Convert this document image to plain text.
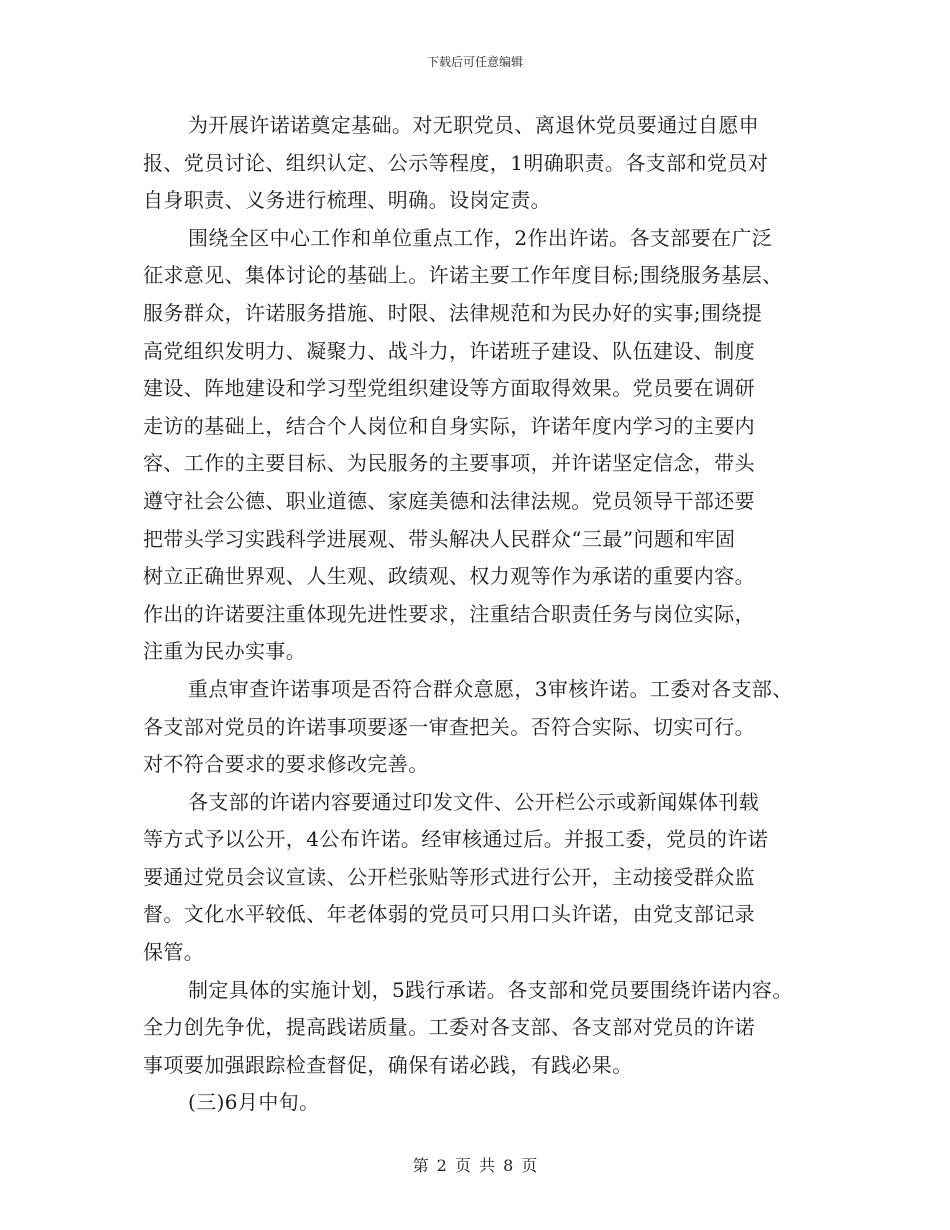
下载后可任意编辑
为开展许诺诺奠定基础。对无职党员、离退休党员要通过自愿申
报、党员讨论、组织认定、公示等程度，1明确职责。各支部和党员对
自身职责、义务进行梳理、明确。设岗定责。
围绕全区中心工作和单位重点工作，2作出许诺。各支部要在广泛
征求意见、集体讨论的基础上。许诺主要工作年度目标;围绕服务基层、
服务群众，许诺服务措施、时限、法律规范和为民办好的实事;围绕提
高党组织发明力、凝聚力、战斗力，许诺班子建设、队伍建设、制度
建设、阵地建设和学习型党组织建设等方面取得效果。党员要在调研
走访的基础上，结合个人岗位和自身实际，许诺年度内学习的主要内
容、工作的主要目标、为民服务的主要事项，并许诺坚定信念，带头
遵守社会公德、职业道德、家庭美德和法律法规。党员领导干部还要
把带头学习实践科学进展观、带头解决人民群众“三最”问题和牢固
树立正确世界观、人生观、政绩观、权力观等作为承诺的重要内容。
作出的许诺要注重体现先进性要求，注重结合职责任务与岗位实际，
注重为民办实事。
重点审查许诺事项是否符合群众意愿，3审核许诺。工委对各支部、
各支部对党员的许诺事项要逐一审查把关。否符合实际、切实可行。
对不符合要求的要求修改完善。
各支部的许诺内容要通过印发文件、公开栏公示或新闻媒体刊载
等方式予以公开，4公布许诺。经审核通过后。并报工委，党员的许诺
要通过党员会议宣读、公开栏张贴等形式进行公开，主动接受群众监
督。文化水平较低、年老体弱的党员可只用口头许诺，由党支部记录
保管。
制定具体的实施计划，5践行承诺。各支部和党员要围绕许诺内容。
全力创先争优，提高践诺质量。工委对各支部、各支部对党员的许诺
事项要加强跟踪检查督促，确保有诺必践，有践必果。
(三)6月中旬。
第 2 页 共 8 页
